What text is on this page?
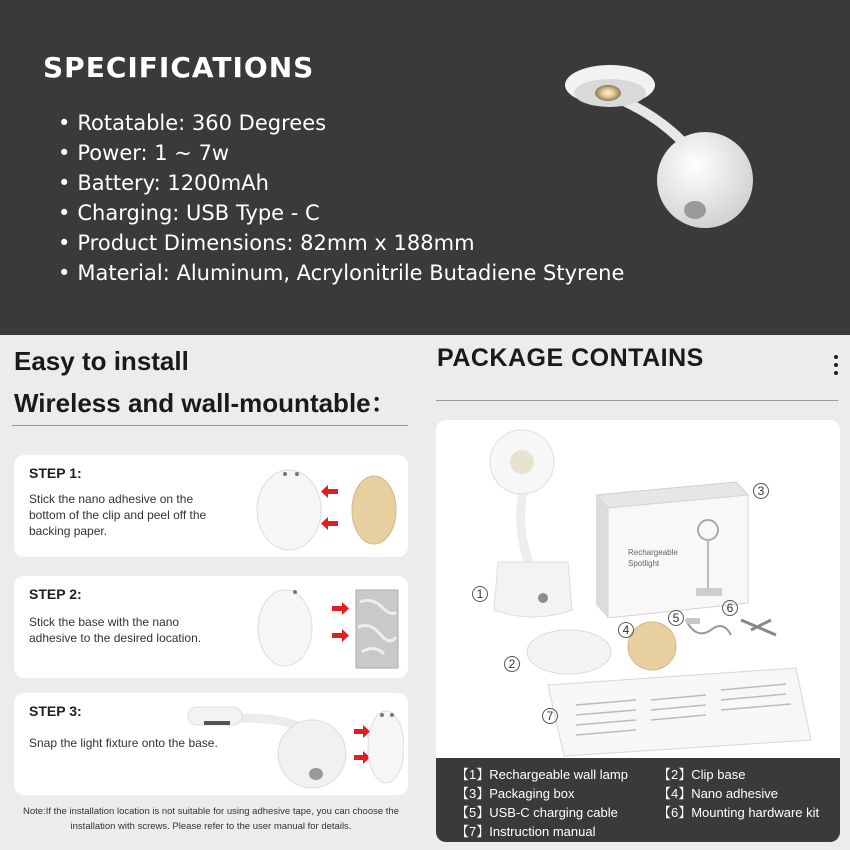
SPECIFICATIONS
• Rotatable: 360 Degrees
• Power: 1 ~ 7w
• Battery: 1200mAh
• Charging: USB Type - C
• Product Dimensions: 82mm x 188mm
• Material: Aluminum, Acrylonitrile Butadiene Styrene
Easy to install
Wireless and wall-mountable：
STEP 1:
Stick the nano adhesive on the bottom of the clip and peel off the backing paper.
STEP 2:
Stick the base with the nano adhesive to the desired location.
STEP 3:
Snap the light fixture onto the base.

Note:If the installation location is not suitable for using adhesive tape, you can choose the installation with screws. Please refer to the user manual for details.

PACKAGE CONTAINS
Rechargeable
Spotlight
1
2
3
4
5
6
7
【1】Rechargeable wall lamp 【2】Clip base
【3】Packaging box	【4】Nano adhesive
【5】USB-C charging cable	【6】Mounting hardware kit
【7】Instruction manual
